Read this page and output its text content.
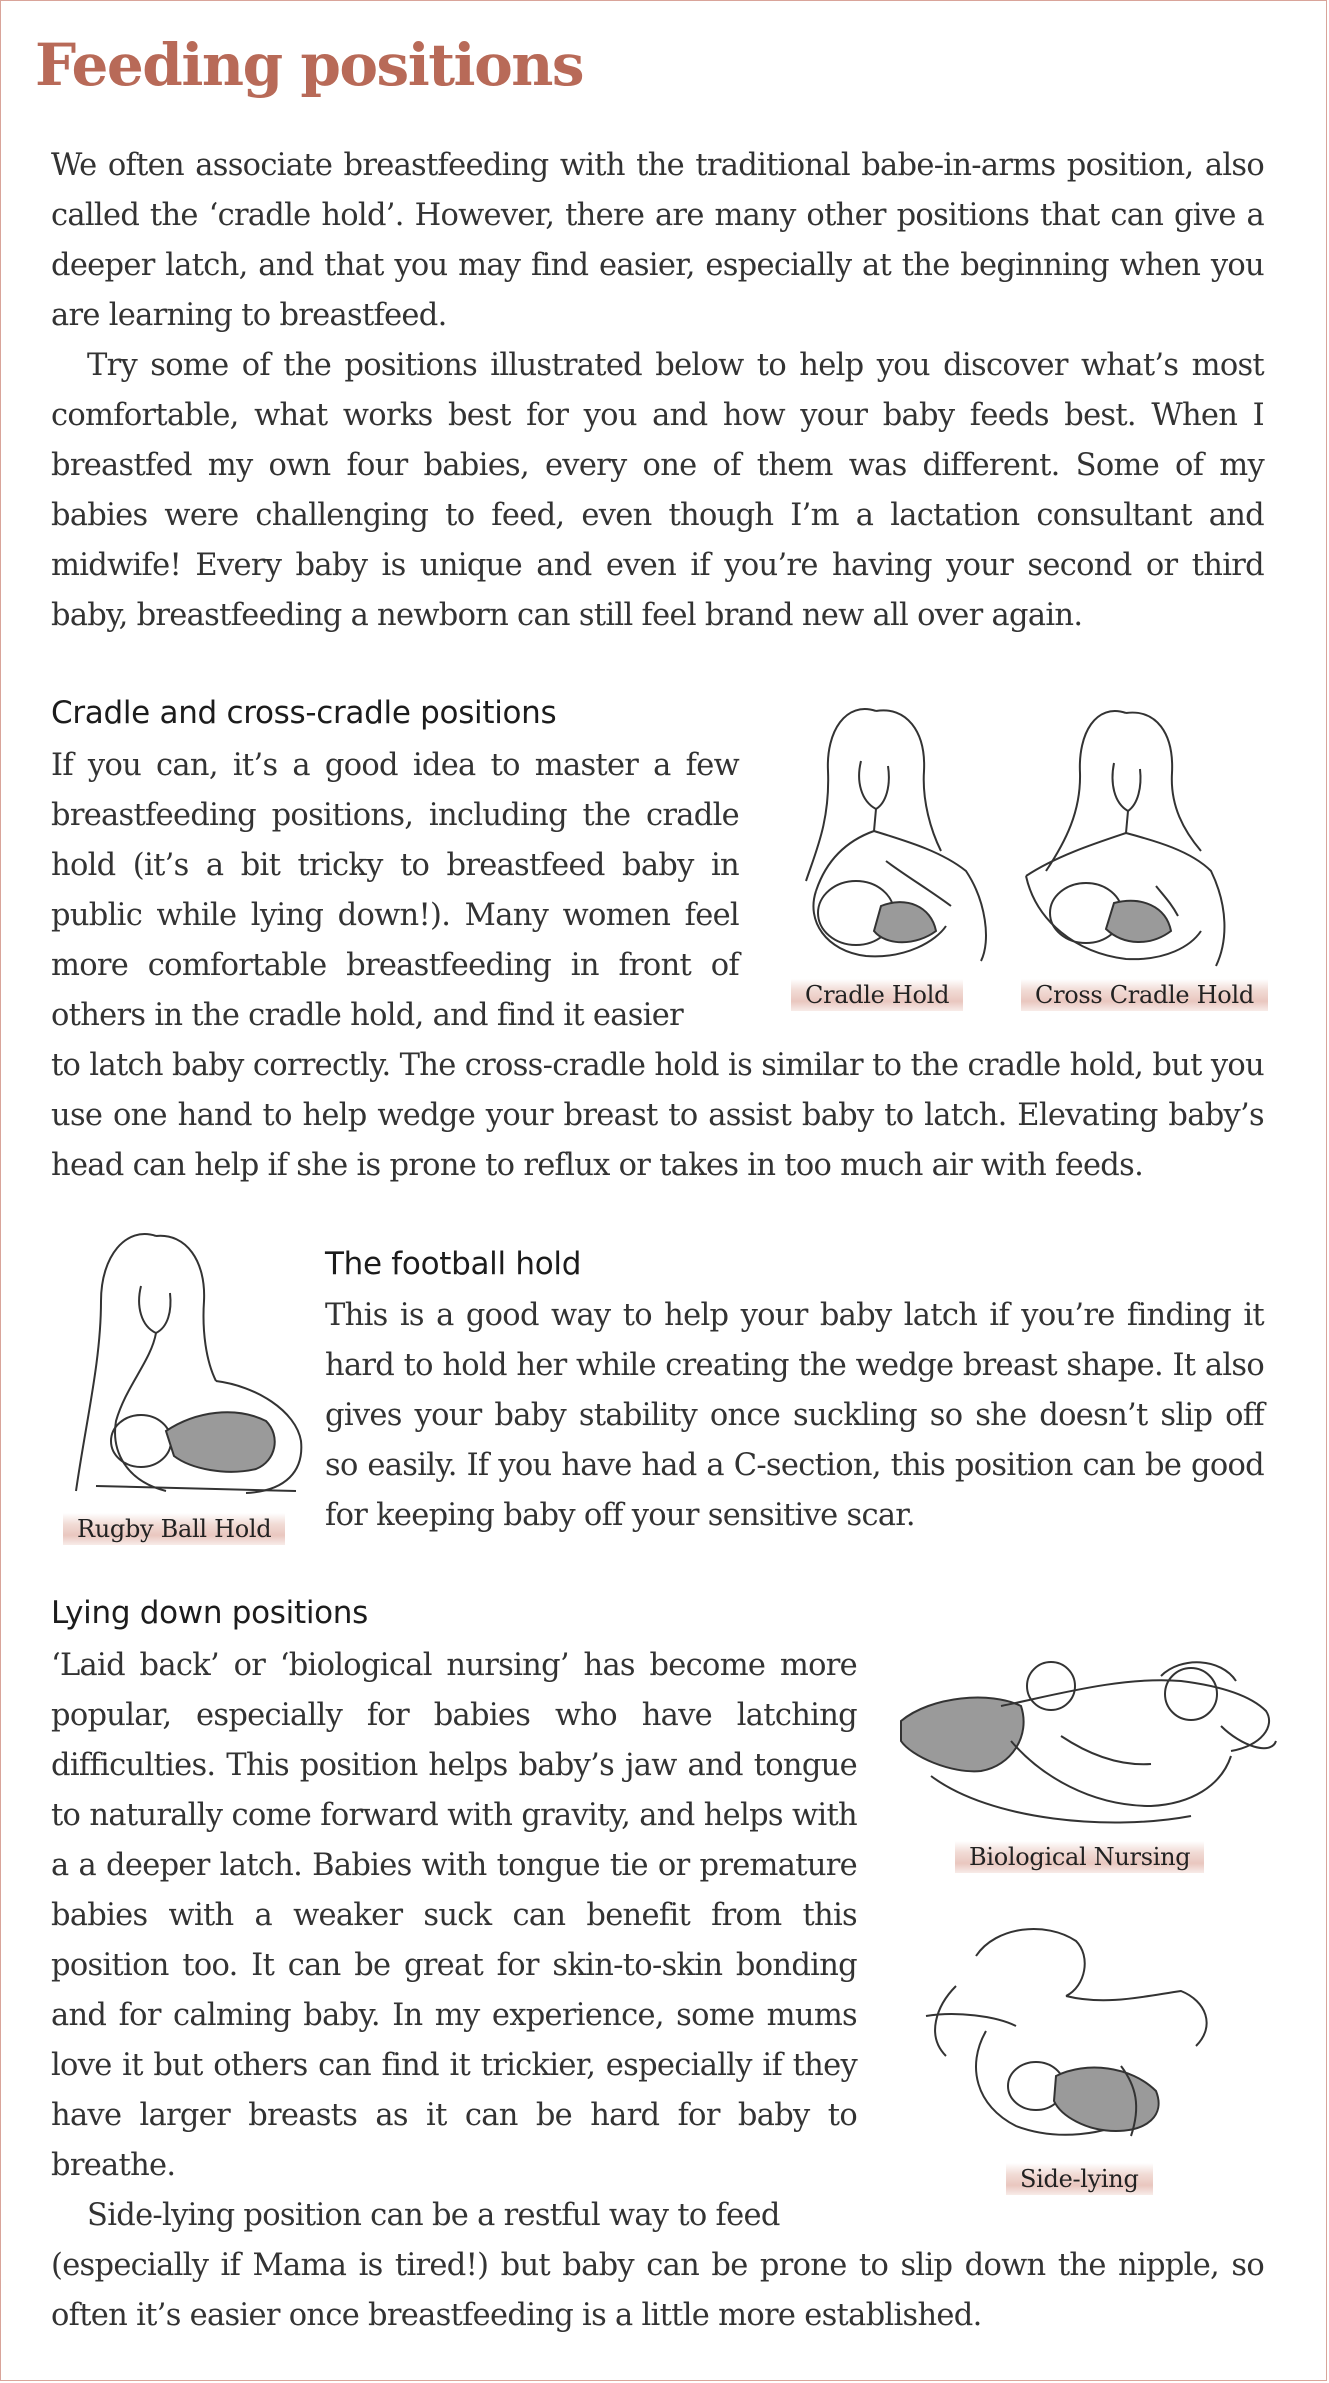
Feeding positions

We often associate breastfeeding with the traditional babe-in-arms position, also called the ‘cradle hold’. However, there are many other positions that can give a deeper latch, and that you may find easier, especially at the beginning when you are learning to breastfeed.

Try some of the positions illustrated below to help you discover what’s most comfortable, what works best for you and how your baby feeds best. When I breastfed my own four babies, every one of them was different. Some of my babies were challenging to feed, even though I’m a lactation consultant and midwife! Every baby is unique and even if you’re having your second or third baby, breastfeeding a newborn can still feel brand new all over again.

Cradle and cross-cradle positions

If you can, it’s a good idea to master a few breastfeeding positions, including the cradle hold (it’s a bit tricky to breastfeed baby in public while lying down!). Many women feel more comfortable breastfeeding in front of others in the cradle hold, and find it easier

to latch baby correctly. The cross-cradle hold is similar to the cradle hold, but you use one hand to help wedge your breast to assist baby to latch. Elevating baby’s head can help if she is prone to reflux or takes in too much air with feeds.

Cradle Hold	Cross Cradle Hold
Rugby Ball Hold
The football hold

This is a good way to help your baby latch if you’re finding it hard to hold her while creating the wedge breast shape. It also gives your baby stability once suckling so she doesn’t slip off so easily. If you have had a C-section, this position can be good for keeping baby off your sensitive scar.

Lying down positions

‘Laid back’ or ‘biological nursing’ has become more popular, especially for babies who have latching difficulties. This position helps baby’s jaw and tongue to naturally come forward with gravity, and helps with a a deeper latch. Babies with tongue tie or premature babies with a weaker suck can benefit from this position too. It can be great for skin-to-skin bonding and for calming baby. In my experience, some mums love it but others can find it trickier, especially if they have larger breasts as it can be hard for baby to breathe.

Side-lying position can be a restful way to feed

(especially if Mama is tired!) but baby can be prone to slip down the nipple, so often it’s easier once breastfeeding is a little more established.

Biological Nursing
Side-lying
